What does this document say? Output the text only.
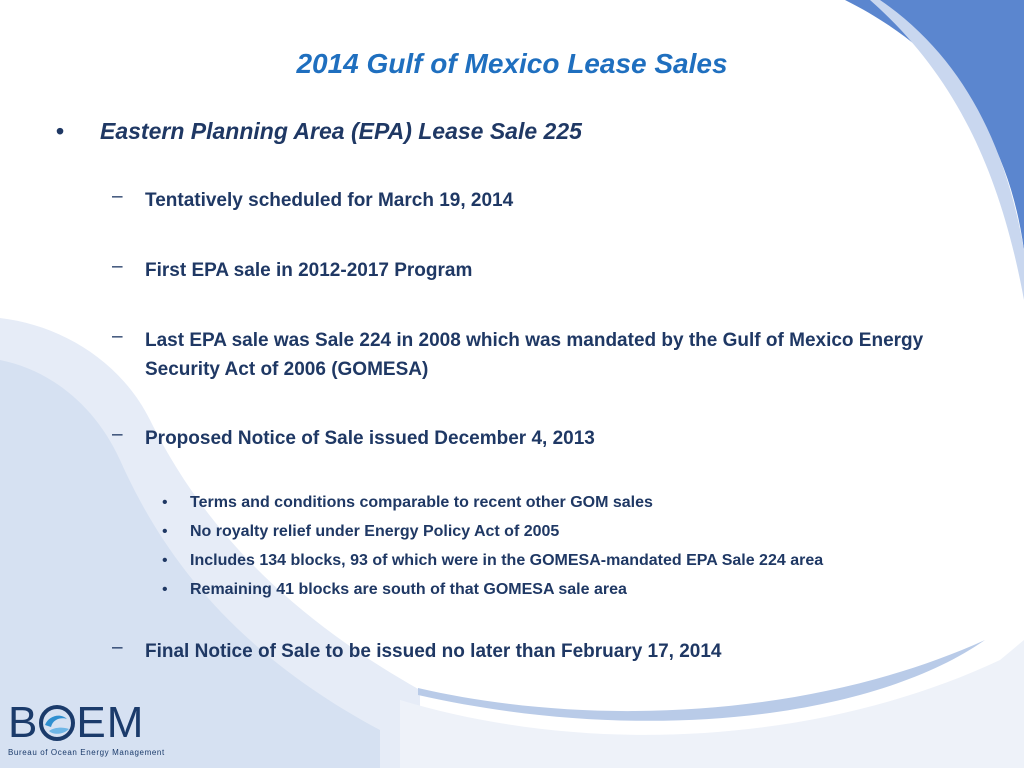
2014 Gulf of Mexico Lease Sales
• Eastern Planning Area (EPA) Lease Sale 225
– Tentatively scheduled for March 19, 2014
– First EPA sale in 2012-2017 Program
– Last EPA sale was Sale 224 in 2008 which was mandated by the Gulf of Mexico Energy Security Act of 2006 (GOMESA)
– Proposed Notice of Sale issued December 4, 2013
• Terms and conditions comparable to recent other GOM sales
• No royalty relief under Energy Policy Act of 2005
• Includes 134 blocks, 93 of which were in the GOMESA-mandated EPA Sale 224 area
• Remaining 41 blocks are south of that GOMESA sale area
– Final Notice of Sale to be issued no later than February 17, 2014
B EM
Bureau of Ocean Energy Management
